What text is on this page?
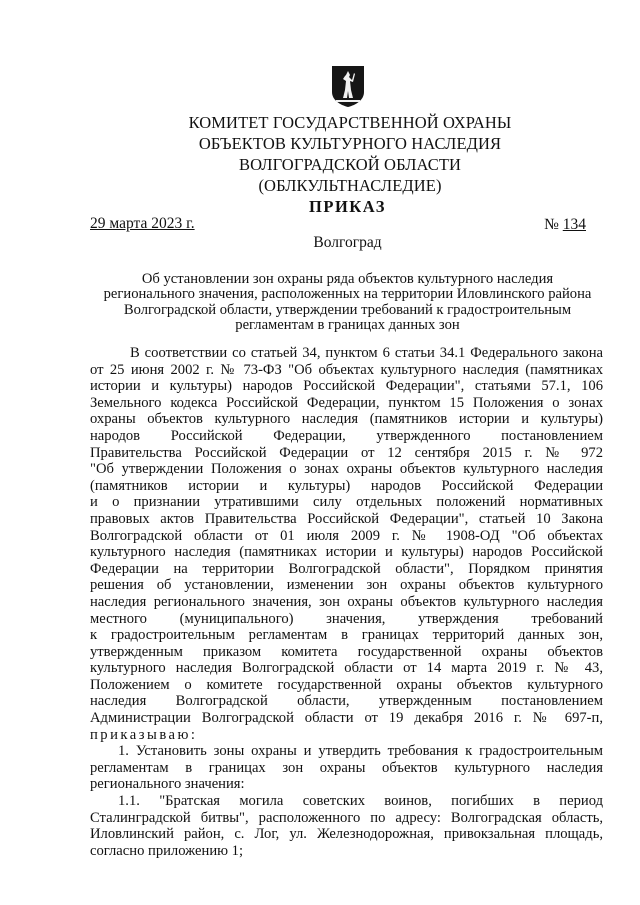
КОМИТЕТ ГОСУДАРСТВЕННОЙ ОХРАНЫ
ОБЪЕКТОВ КУЛЬТУРНОГО НАСЛЕДИЯ
ВОЛГОГРАДСКОЙ ОБЛАСТИ
(ОБЛКУЛЬТНАСЛЕДИЕ)
ПРИКАЗ
29 марта 2023 г.	№ 134
Волгоград
Об установлении зон охраны ряда объектов культурного наследия
регионального значения, расположенных на территории Иловлинского района
Волгоградской области, утверждении требований к градостроительным
регламентам в границах данных зон
В соответствии со статьей 34, пунктом 6 статьи 34.1 Федерального закона
от 25 июня 2002 г. № 73-ФЗ "Об объектах культурного наследия (памятниках
истории и культуры) народов Российской Федерации", статьями 57.1, 106
Земельного кодекса Российской Федерации, пунктом 15 Положения о зонах
охраны объектов культурного наследия (памятников истории и культуры)
народов Российской Федерации, утвержденного постановлением
Правительства Российской Федерации от 12 сентября 2015 г. № 972
"Об утверждении Положения о зонах охраны объектов культурного наследия
(памятников истории и культуры) народов Российской Федерации
и о признании утратившими силу отдельных положений нормативных
правовых актов Правительства Российской Федерации", статьей 10 Закона
Волгоградской области от 01 июля 2009 г. № 1908-ОД "Об объектах
культурного наследия (памятниках истории и культуры) народов Российской
Федерации на территории Волгоградской области", Порядком принятия
решения об установлении, изменении зон охраны объектов культурного
наследия регионального значения, зон охраны объектов культурного наследия
местного (муниципального) значения, утверждения требований
к градостроительным регламентам в границах территорий данных зон,
утвержденным приказом комитета государственной охраны объектов
культурного наследия Волгоградской области от 14 марта 2019 г. № 43,
Положением о комитете государственной охраны объектов культурного
наследия Волгоградской области, утвержденным постановлением
Администрации Волгоградской области от 19 декабря 2016 г. № 697-п,
приказываю:
1. Установить зоны охраны и утвердить требования к градостроительным
регламентам в границах зон охраны объектов культурного наследия
регионального значения:
1.1. "Братская могила советских воинов, погибших в период
Сталинградской битвы", расположенного по адресу: Волгоградская область,
Иловлинский район, с. Лог, ул. Железнодорожная, привокзальная площадь,
согласно приложению 1;
